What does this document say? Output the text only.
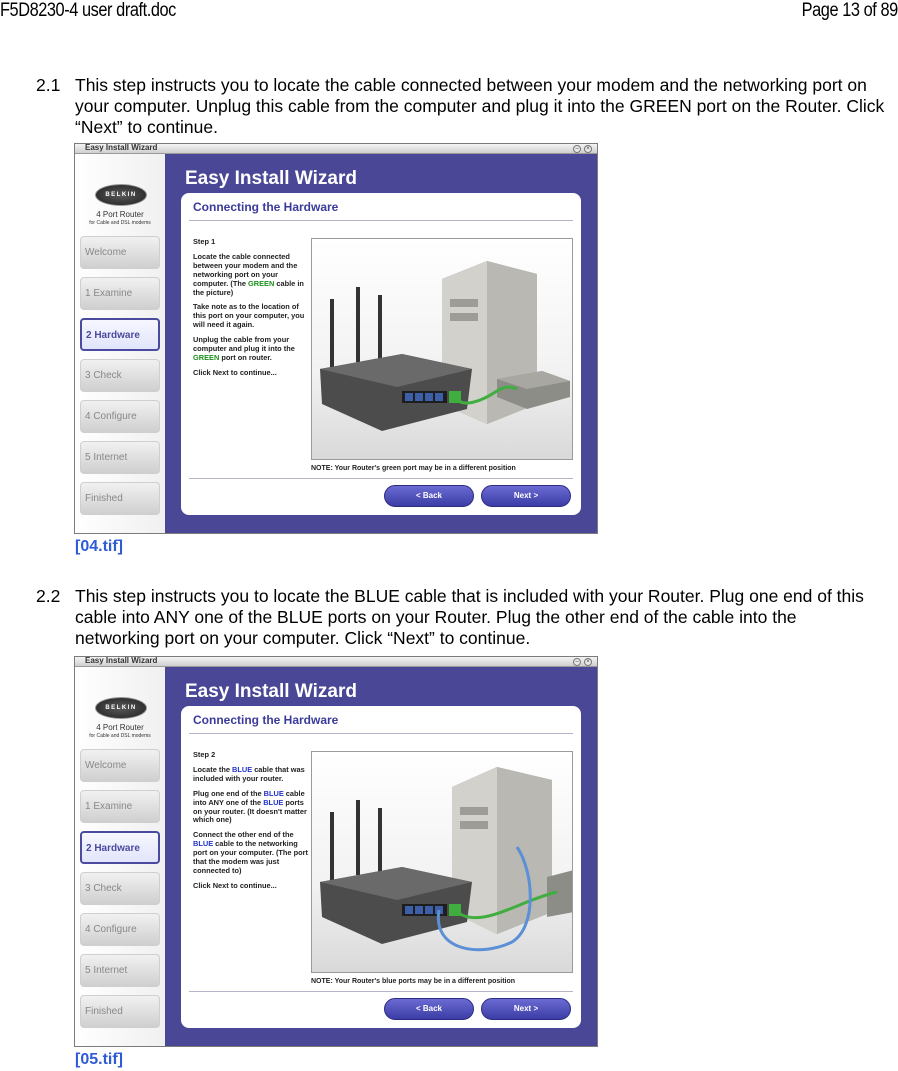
F5D8230-4 user draft.doc	Page 13 of 89
2.1 This step instructs you to locate the cable connected between your modem and the networking port on your computer. Unplug this cable from the computer and plug it into the GREEN port on the Router. Click “Next” to continue.
Easy Install Wizard	–	×
BELKIN
4 Port Router
for Cable and DSL modems
Welcome
1 Examine
2 Hardware
3 Check
4 Configure
5 Internet
Finished
Easy Install Wizard
Connecting the Hardware

Step 1

Locate the cable connected between your modem and the networking port on your computer. (The GREEN cable in the picture)

Take note as to the location of this port on your computer, you will need it again.

Unplug the cable from your computer and plug it into the GREEN port on router.

Click Next to continue...

NOTE: Your Router's green port may be in a different position
< Back	Next >
[04.tif]
2.2 This step instructs you to locate the BLUE cable that is included with your Router. Plug one end of this cable into ANY one of the BLUE ports on your Router. Plug the other end of the cable into the networking port on your computer. Click “Next” to continue.
Easy Install Wizard	–	×
BELKIN
4 Port Router
for Cable and DSL modems
Welcome
1 Examine
2 Hardware
3 Check
4 Configure
5 Internet
Finished
Easy Install Wizard
Connecting the Hardware

Step 2

Locate the BLUE cable that was included with your router.

Plug one end of the BLUE cable into ANY one of the BLUE ports on your router. (It doesn't matter which one)

Connect the other end of the BLUE cable to the networking port on your computer. (The port that the modem was just connected to)

Click Next to continue...

NOTE: Your Router's blue ports may be in a different position
< Back	Next >
[05.tif]
